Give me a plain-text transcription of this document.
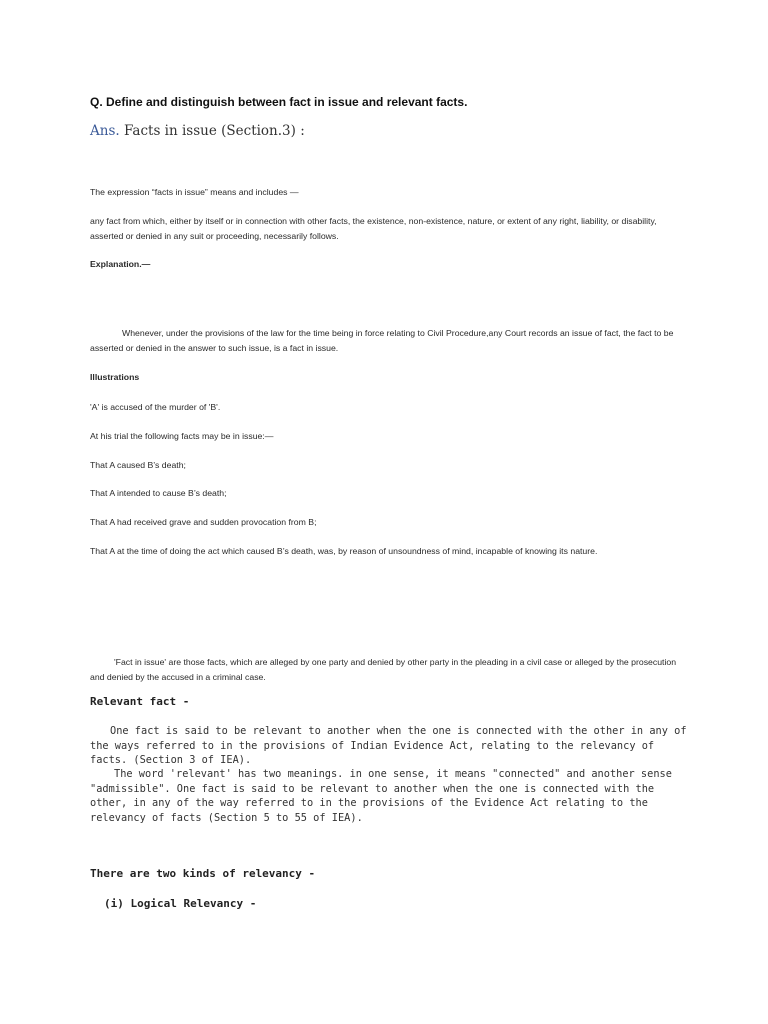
Q. Define and distinguish between fact in issue and relevant facts.
Ans. Facts in issue (Section.3) :
The expression “facts in issue” means and includes —
any fact from which, either by itself or in connection with other facts, the existence, non-existence, nature, or extent of any right, liability, or disability, asserted or denied in any suit or proceeding, necessarily follows.
Explanation.—
Whenever, under the provisions of the law for the time being in force relating to Civil Procedure,any Court records an issue of fact, the fact to be asserted or denied in the answer to such issue, is a fact in issue.
Illustrations
'A' is accused of the murder of 'B'.
At his trial the following facts may be in issue:—
That A caused B’s death;
That A intended to cause B’s death;
That A had received grave and sudden provocation from B;
That A at the time of doing the act which caused B’s death, was, by reason of unsoundness of mind, incapable of knowing its nature.
'Fact in issue' are those facts, which are alleged by one party and denied by other party in the pleading in a civil case or alleged by the prosecution and denied by the accused in a criminal case.
Relevant fact -
One fact is said to be relevant to another when the one is connected with the other in any of the ways referred to in the provisions of Indian Evidence Act, relating to the relevancy of facts. (Section 3 of IEA).
The word 'relevant' has two meanings. in one sense, it means "connected" and another sense "admissible". One fact is said to be relevant to another when the one is connected with the other, in any of the way referred to in the provisions of the Evidence Act relating to the relevancy of facts (Section 5 to 55 of IEA).
There are two kinds of relevancy -
(i) Logical Relevancy -
